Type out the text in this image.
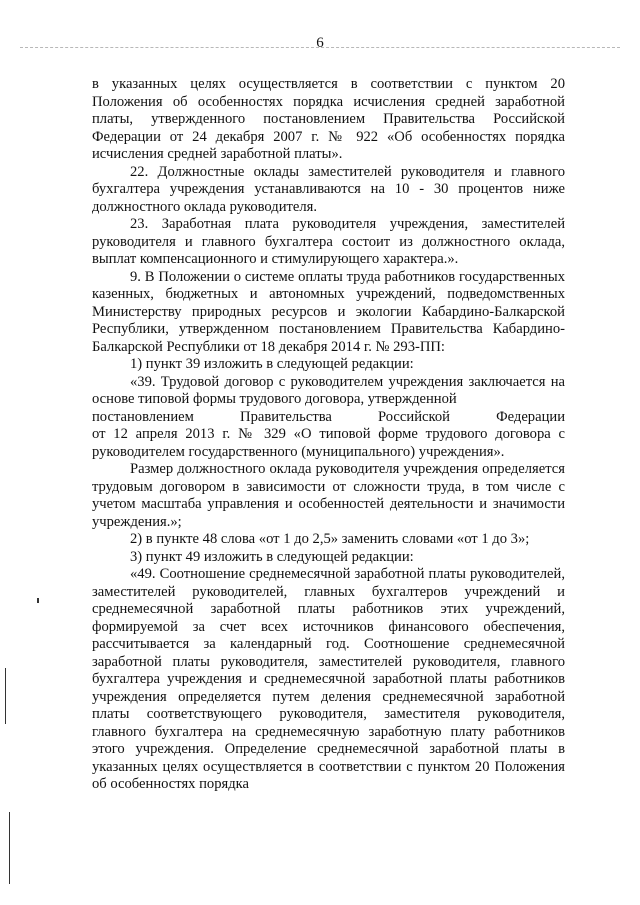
6

в указанных целях осуществляется в соответствии с пунктом 20 Положения об особенностях порядка исчисления средней заработной платы, утвержденного постановлением Правительства Российской Федерации от 24 декабря 2007 г. № 922 «Об особенностях порядка исчисления средней заработной платы».

22. Должностные оклады заместителей руководителя и главного бухгалтера учреждения устанавливаются на 10 - 30 процентов ниже должностного оклада руководителя.

23. Заработная плата руководителя учреждения, заместителей руководителя и главного бухгалтера состоит из должностного оклада, выплат компенсационного и стимулирующего характера.».

9. В Положении о системе оплаты труда работников государственных казенных, бюджетных и автономных учреждений, подведомственных Министерству природных ресурсов и экологии Кабардино-Балкарской Республики, утвержденном постановлением Правительства Кабардино-Балкарской Республики от 18 декабря 2014 г. № 293-ПП:

1) пункт 39 изложить в следующей редакции:

«39. Трудовой договор с руководителем учреждения заключается на основе типовой формы трудового договора, утвержденной

постановлением	Правительства	Российской	Федерации

от 12 апреля 2013 г. № 329 «О типовой форме трудового договора с руководителем государственного (муниципального) учреждения».

Размер должностного оклада руководителя учреждения определяется трудовым договором в зависимости от сложности труда, в том числе с учетом масштаба управления и особенностей деятельности и значимости учреждения.»;

2) в пункте 48 слова «от 1 до 2,5» заменить словами «от 1 до 3»;

3) пункт 49 изложить в следующей редакции:

«49. Соотношение среднемесячной заработной платы руководителей, заместителей руководителей, главных бухгалтеров учреждений и среднемесячной заработной платы работников этих учреждений, формируемой за счет всех источников финансового обеспечения, рассчитывается за календарный год. Соотношение среднемесячной заработной платы руководителя, заместителей руководителя, главного бухгалтера учреждения и среднемесячной заработной платы работников учреждения определяется путем деления среднемесячной заработной платы соответствующего руководителя, заместителя руководителя, главного бухгалтера на среднемесячную заработную плату работников этого учреждения. Определение среднемесячной заработной платы в указанных целях осуществляется в соответствии с пунктом 20 Положения об особенностях порядка
